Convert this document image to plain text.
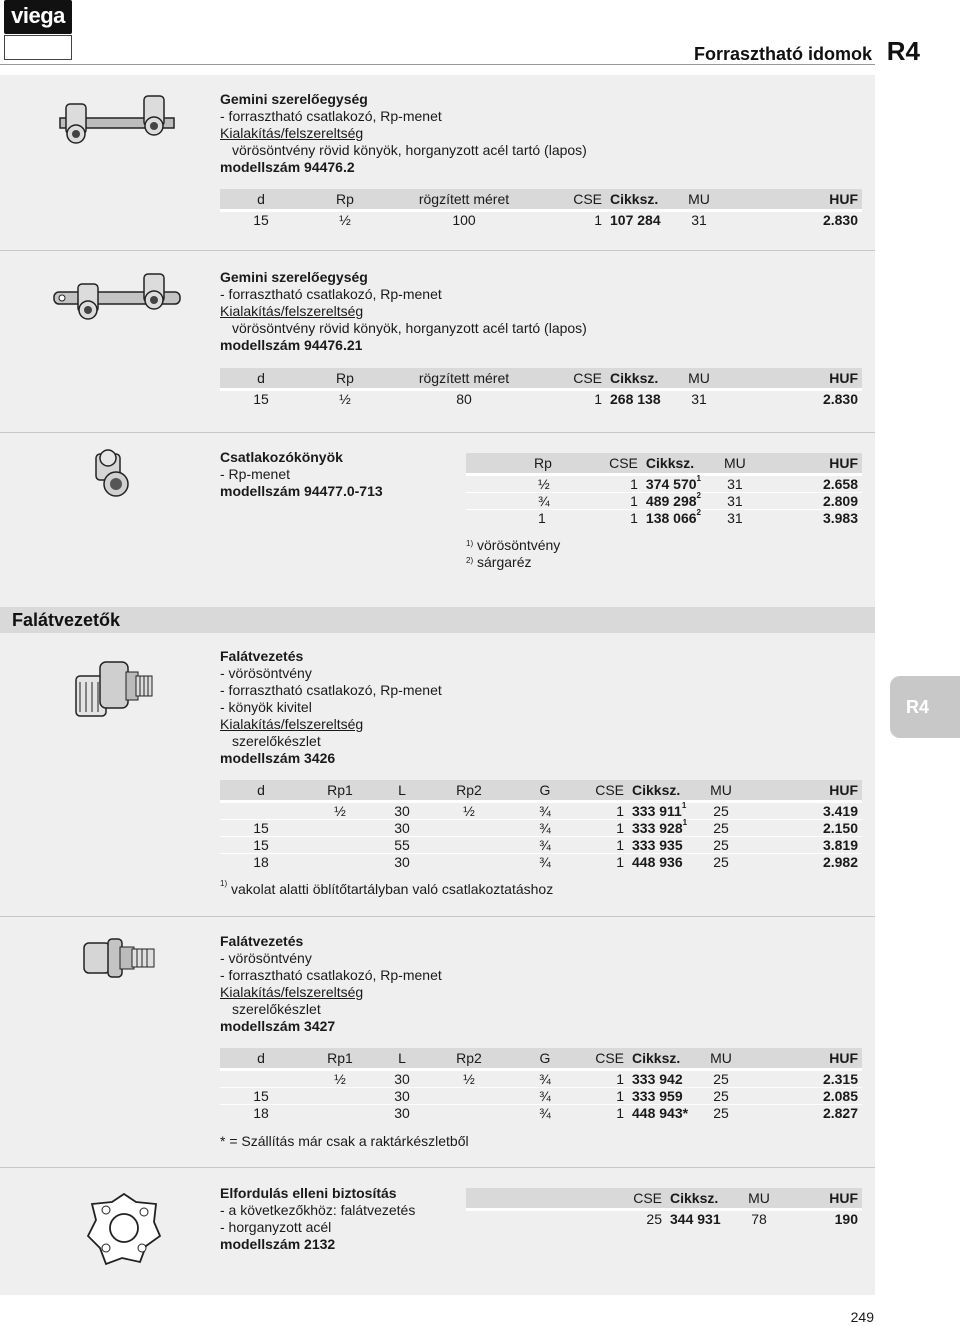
viega
Forrasztható idomok R4
Gemini szerelőegység
- forrasztható csatlakozó, Rp-menet
Kialakítás/felszereltség
vörösöntvény rövid könyök, horganyzott acél tartó (lapos)
modellszám 94476.2
d	Rp	rögzített méret	CSE	Cikksz.	MU	HUF
15	½	100	1	107 284	31	2.830
Gemini szerelőegység
- forrasztható csatlakozó, Rp-menet
Kialakítás/felszereltség
vörösöntvény rövid könyök, horganyzott acél tartó (lapos)
modellszám 94476.21
d	Rp	rögzített méret	CSE	Cikksz.	MU	HUF
15	½	80	1	268 138	31	2.830
Csatlakozókönyök
- Rp-menet
modellszám 94477.0-713
Rp	CSE	Cikksz.	MU	HUF
½	1	374 $570^1$	31	2.658
¾	1	489 $298^2$	31	2.809
1	1	138 $066^2$	31	3.983
$^{1)}$ vörösöntvény
$^{2)}$ sárgaréz
Falátvezetők
Falátvezetés
- vörösöntvény
- forrasztható csatlakozó, Rp-menet
- könyök kivitel
Kialakítás/felszereltség
szerelőkészlet
modellszám 3426
d	Rp1	L	Rp2	G	CSE	Cikksz.	MU	HUF
	½	30	½	¾	1	333 $911^1$	25	3.419
15		30		¾	1	333 $928^1$	25	2.150
15		55		¾	1	333 935	25	3.819
18		30		¾	1	448 936	25	2.982
$^{1)}$ vakolat alatti öblítőtartályban való csatlakoztatáshoz
Falátvezetés
- vörösöntvény
- forrasztható csatlakozó, Rp-menet
Kialakítás/felszereltség
szerelőkészlet
modellszám 3427
d	Rp1	L	Rp2	G	CSE	Cikksz.	MU	HUF
	½	30	½	¾	1	333 942	25	2.315
15		30		¾	1	333 959	25	2.085
18		30		¾	1	448 943*	25	2.827
* = Szállítás már csak a raktárkészletből
Elfordulás elleni biztosítás
- a következőkhöz: falátvezetés
- horganyzott acél
modellszám 2132
CSE	Cikksz.	MU	HUF
25	344 931	78	190
R4
249
